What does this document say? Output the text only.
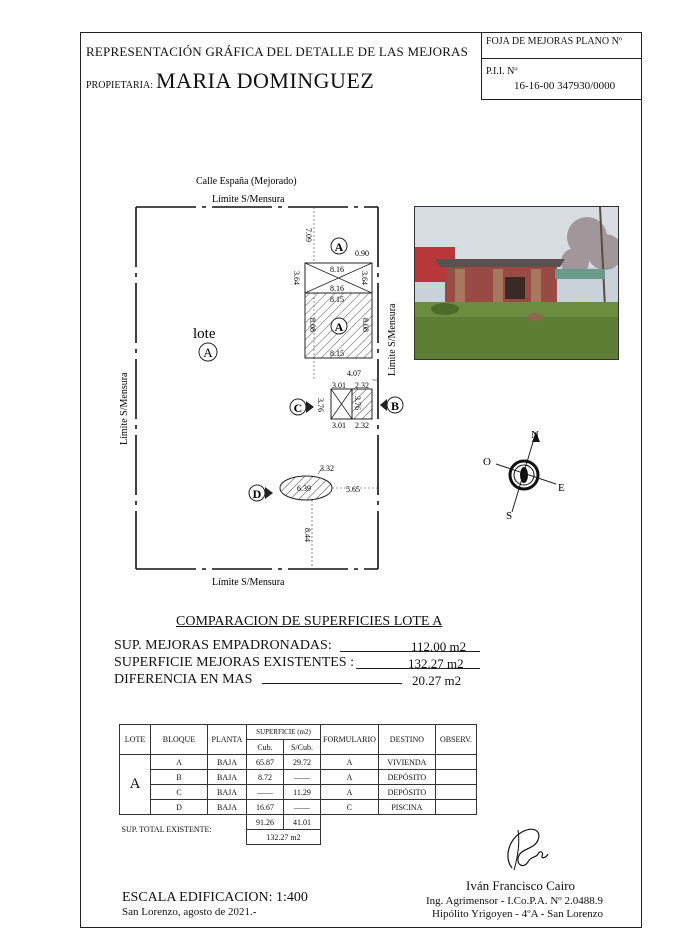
REPRESENTACIÓN GRÁFICA DEL DETALLE DE LAS MEJORAS
PROPIETARIA: MARIA DOMINGUEZ
FOJA DE MEJORAS PLANO Nº
P.I.I. Nº
16-16-00 347930/0000
Calle España (Mejorado)
Límite S/Mensura
Límite S/Mensura
Límite S/Mensura
Límite S/Mensura
lote
A
A
A
B
C
D
7.09
0.90
3.64	3.64
8.16
8.16
8.15
8.08	8.08
8.15
4.07
3.01 2.32
3.76	3.76
3.01 2.32
3.32
6.39	5.65
8.44
N
S
E
O
COMPARACION DE SUPERFICIES LOTE A
SUP. MEJORAS EMPADRONADAS:	112.00 m2
SUPERFICIE MEJORAS EXISTENTES :	132.27 m2
DIFERENCIA EN MAS	20.27 m2
LOTE	BLOQUE	PLANTA	SUPERFICIE (m2)		FORMULARIO	DESTINO	OBSERV.
			Cub.	S/Cub.			
A	A	BAJA	65.87	29.72	A	VIVIENDA	
	B	BAJA	8.72	——	A	DEPÓSITO	
	C	BAJA	——	11.29	A	DEPÓSITO	
	D	BAJA	16.67	——	C	PISCINA	
SUP. TOTAL EXISTENTE:			91.26	41.01			
			132.27 m2				
ESCALA EDIFICACION: 1:400
San Lorenzo, agosto de 2021.-
Iván Francisco Cairo
Ing. Agrimensor - I.Co.P.A. Nº 2.0488.9
Hipólito Yrigoyen - 4ºA - San Lorenzo
